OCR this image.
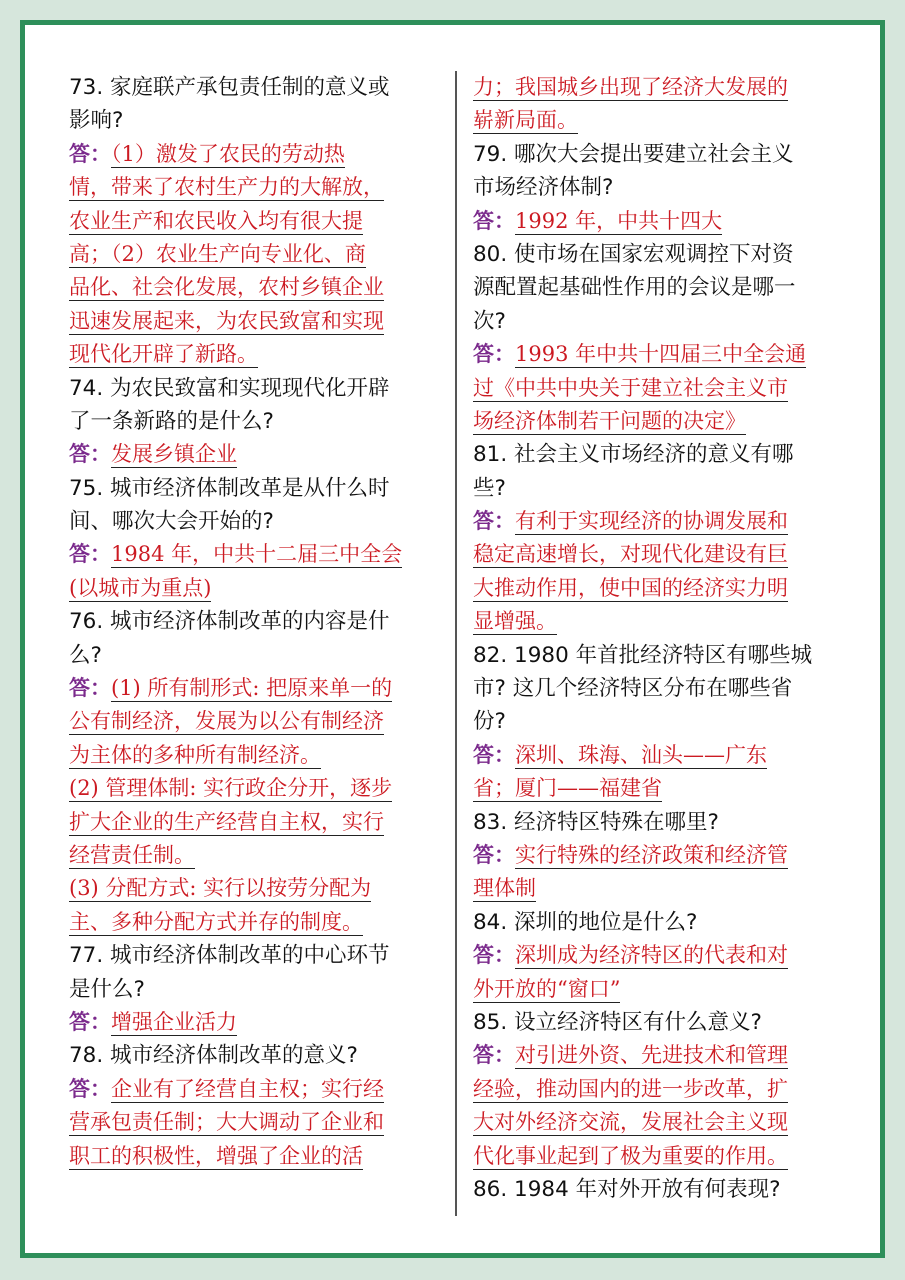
73. 家庭联产承包责任制的意义或
影响?
答：（1）激发了农民的劳动热
情，带来了农村生产力的大解放，
农业生产和农民收入均有很大提
高；（2）农业生产向专业化、商
品化、社会化发展，农村乡镇企业
迅速发展起来，为农民致富和实现
现代化开辟了新路。
74. 为农民致富和实现现代化开辟
了一条新路的是什么?
答：发展乡镇企业
75. 城市经济体制改革是从什么时
间、哪次大会开始的?
答：1984 年，中共十二届三中全会
(以城市为重点)
76. 城市经济体制改革的内容是什
么?
答：(1) 所有制形式: 把原来单一的
公有制经济，发展为以公有制经济
为主体的多种所有制经济。
(2) 管理体制: 实行政企分开，逐步
扩大企业的生产经营自主权，实行
经营责任制。
(3) 分配方式: 实行以按劳分配为
主、多种分配方式并存的制度。
77. 城市经济体制改革的中心环节
是什么?
答：增强企业活力
78. 城市经济体制改革的意义?
答：企业有了经营自主权；实行经
营承包责任制；大大调动了企业和
职工的积极性，增强了企业的活
力；我国城乡出现了经济大发展的
崭新局面。
79. 哪次大会提出要建立社会主义
市场经济体制?
答：1992 年，中共十四大
80. 使市场在国家宏观调控下对资
源配置起基础性作用的会议是哪一
次?
答：1993 年中共十四届三中全会通
过《中共中央关于建立社会主义市
场经济体制若干问题的决定》
81. 社会主义市场经济的意义有哪
些?
答：有利于实现经济的协调发展和
稳定高速增长，对现代化建设有巨
大推动作用，使中国的经济实力明
显增强。
82. 1980 年首批经济特区有哪些城
市? 这几个经济特区分布在哪些省
份?
答：深圳、珠海、汕头——广东
省；厦门——福建省
83. 经济特区特殊在哪里?
答：实行特殊的经济政策和经济管
理体制
84. 深圳的地位是什么?
答：深圳成为经济特区的代表和对
外开放的“窗口”
85. 设立经济特区有什么意义?
答：对引进外资、先进技术和管理
经验，推动国内的进一步改革，扩
大对外经济交流，发展社会主义现
代化事业起到了极为重要的作用。
86. 1984 年对外开放有何表现?
